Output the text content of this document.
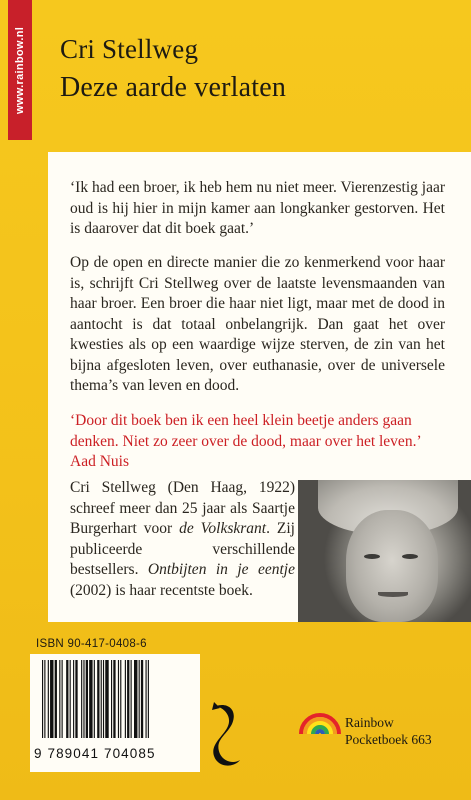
www.rainbow.nl Cri Stellweg
Deze aarde verlaten
‘Ik had een broer, ik heb hem nu niet meer. Vierenzestig jaar oud is hij hier in mijn kamer aan longkanker gestorven. Het is daarover dat dit boek gaat.’
Op de open en directe manier die zo kenmerkend voor haar is, schrijft Cri Stellweg over de laatste levensmaanden van haar broer. Een broer die haar niet ligt, maar met de dood in aantocht is dat totaal onbelangrijk. Dan gaat het over kwesties als op een waardige wijze sterven, de zin van het bijna afgesloten leven, over euthanasie, over de universele thema’s van leven en dood.
‘Door dit boek ben ik een heel klein beetje anders gaan denken. Niet zo zeer over de dood, maar over het leven.’ Aad Nuis
Cri Stellweg (Den Haag, 1922) schreef meer dan 25 jaar als Saartje Burgerhart voor de Volkskrant. Zij publiceerde verschillende bestsellers. Ontbijten in je eentje (2002) is haar recentste boek.
ISBN 90-417-0408-6
9 789041 704085
Rainbow
Pocketboek 663
